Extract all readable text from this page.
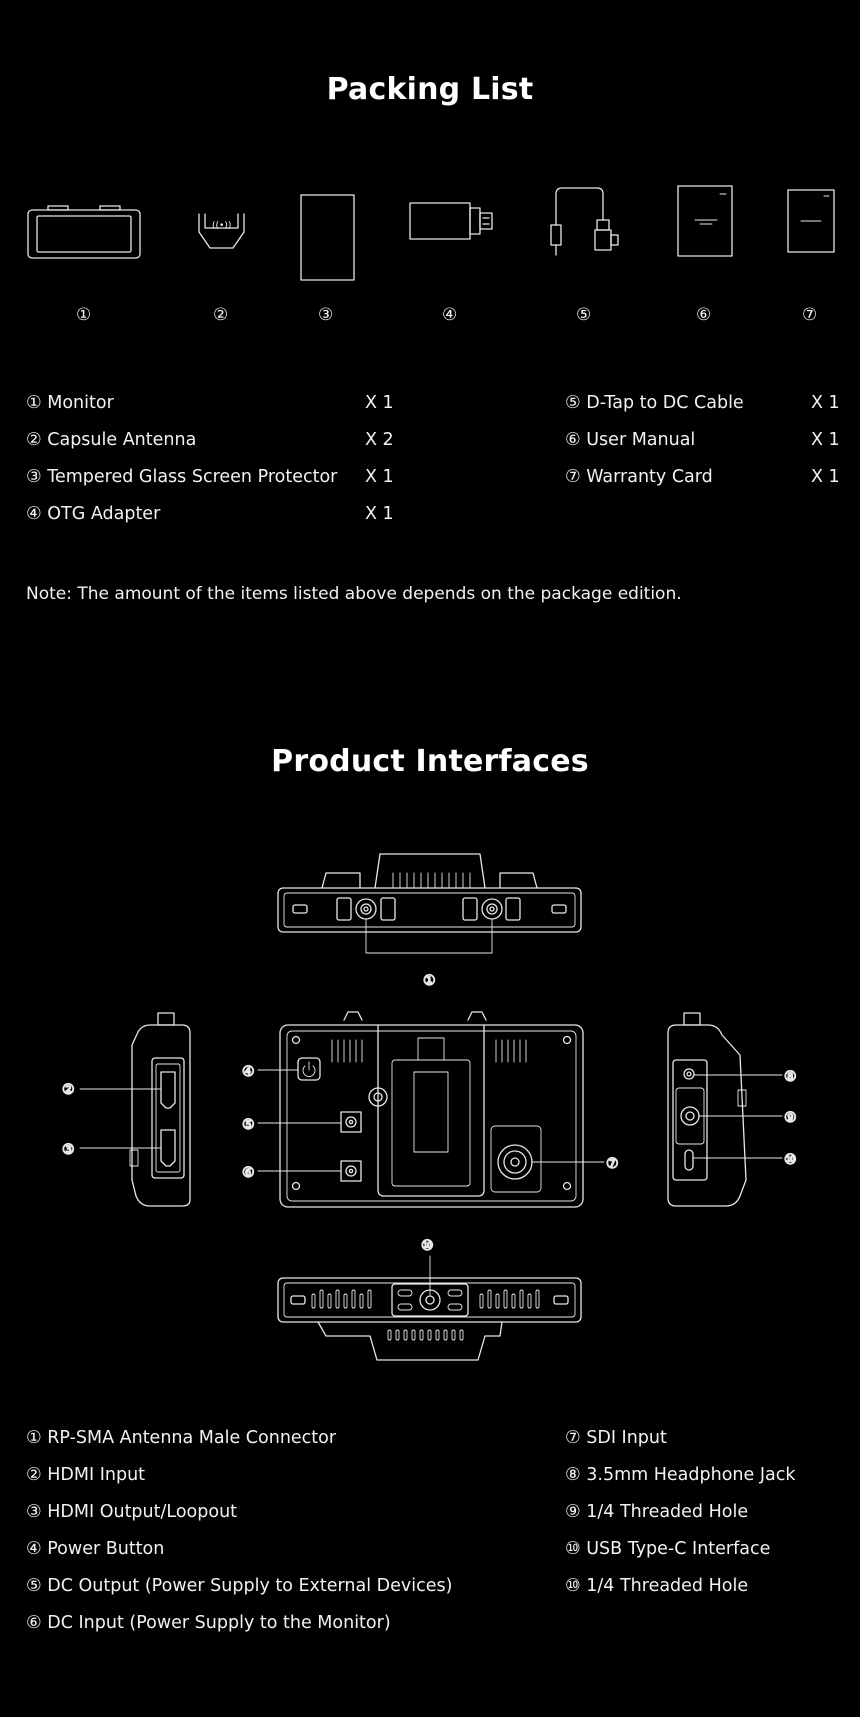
Packing List
((•))
①	②	③	④	⑤	⑥	⑦
① Monitor	X 1
② Capsule Antenna	X 2
③ Tempered Glass Screen Protector X 1
④ OTG Adapter	X 1
⑤ D-Tap to DC Cable	X 1
⑥ User Manual	X 1
⑦ Warranty Card	X 1
Note: The amount of the items listed above depends on the package edition.
Product Interfaces
①
②
③
④
⑤
⑥
⑦
⑧
⑨
⑩
⑩
① RP-SMA Antenna Male Connector
② HDMI Input
③ HDMI Output/Loopout
④ Power Button
⑤ DC Output (Power Supply to External Devices)
⑥ DC Input (Power Supply to the Monitor)
⑦ SDI Input
⑧ 3.5mm Headphone Jack
⑨ 1/4 Threaded Hole
⑩ USB Type-C Interface
⑩ 1/4 Threaded Hole
